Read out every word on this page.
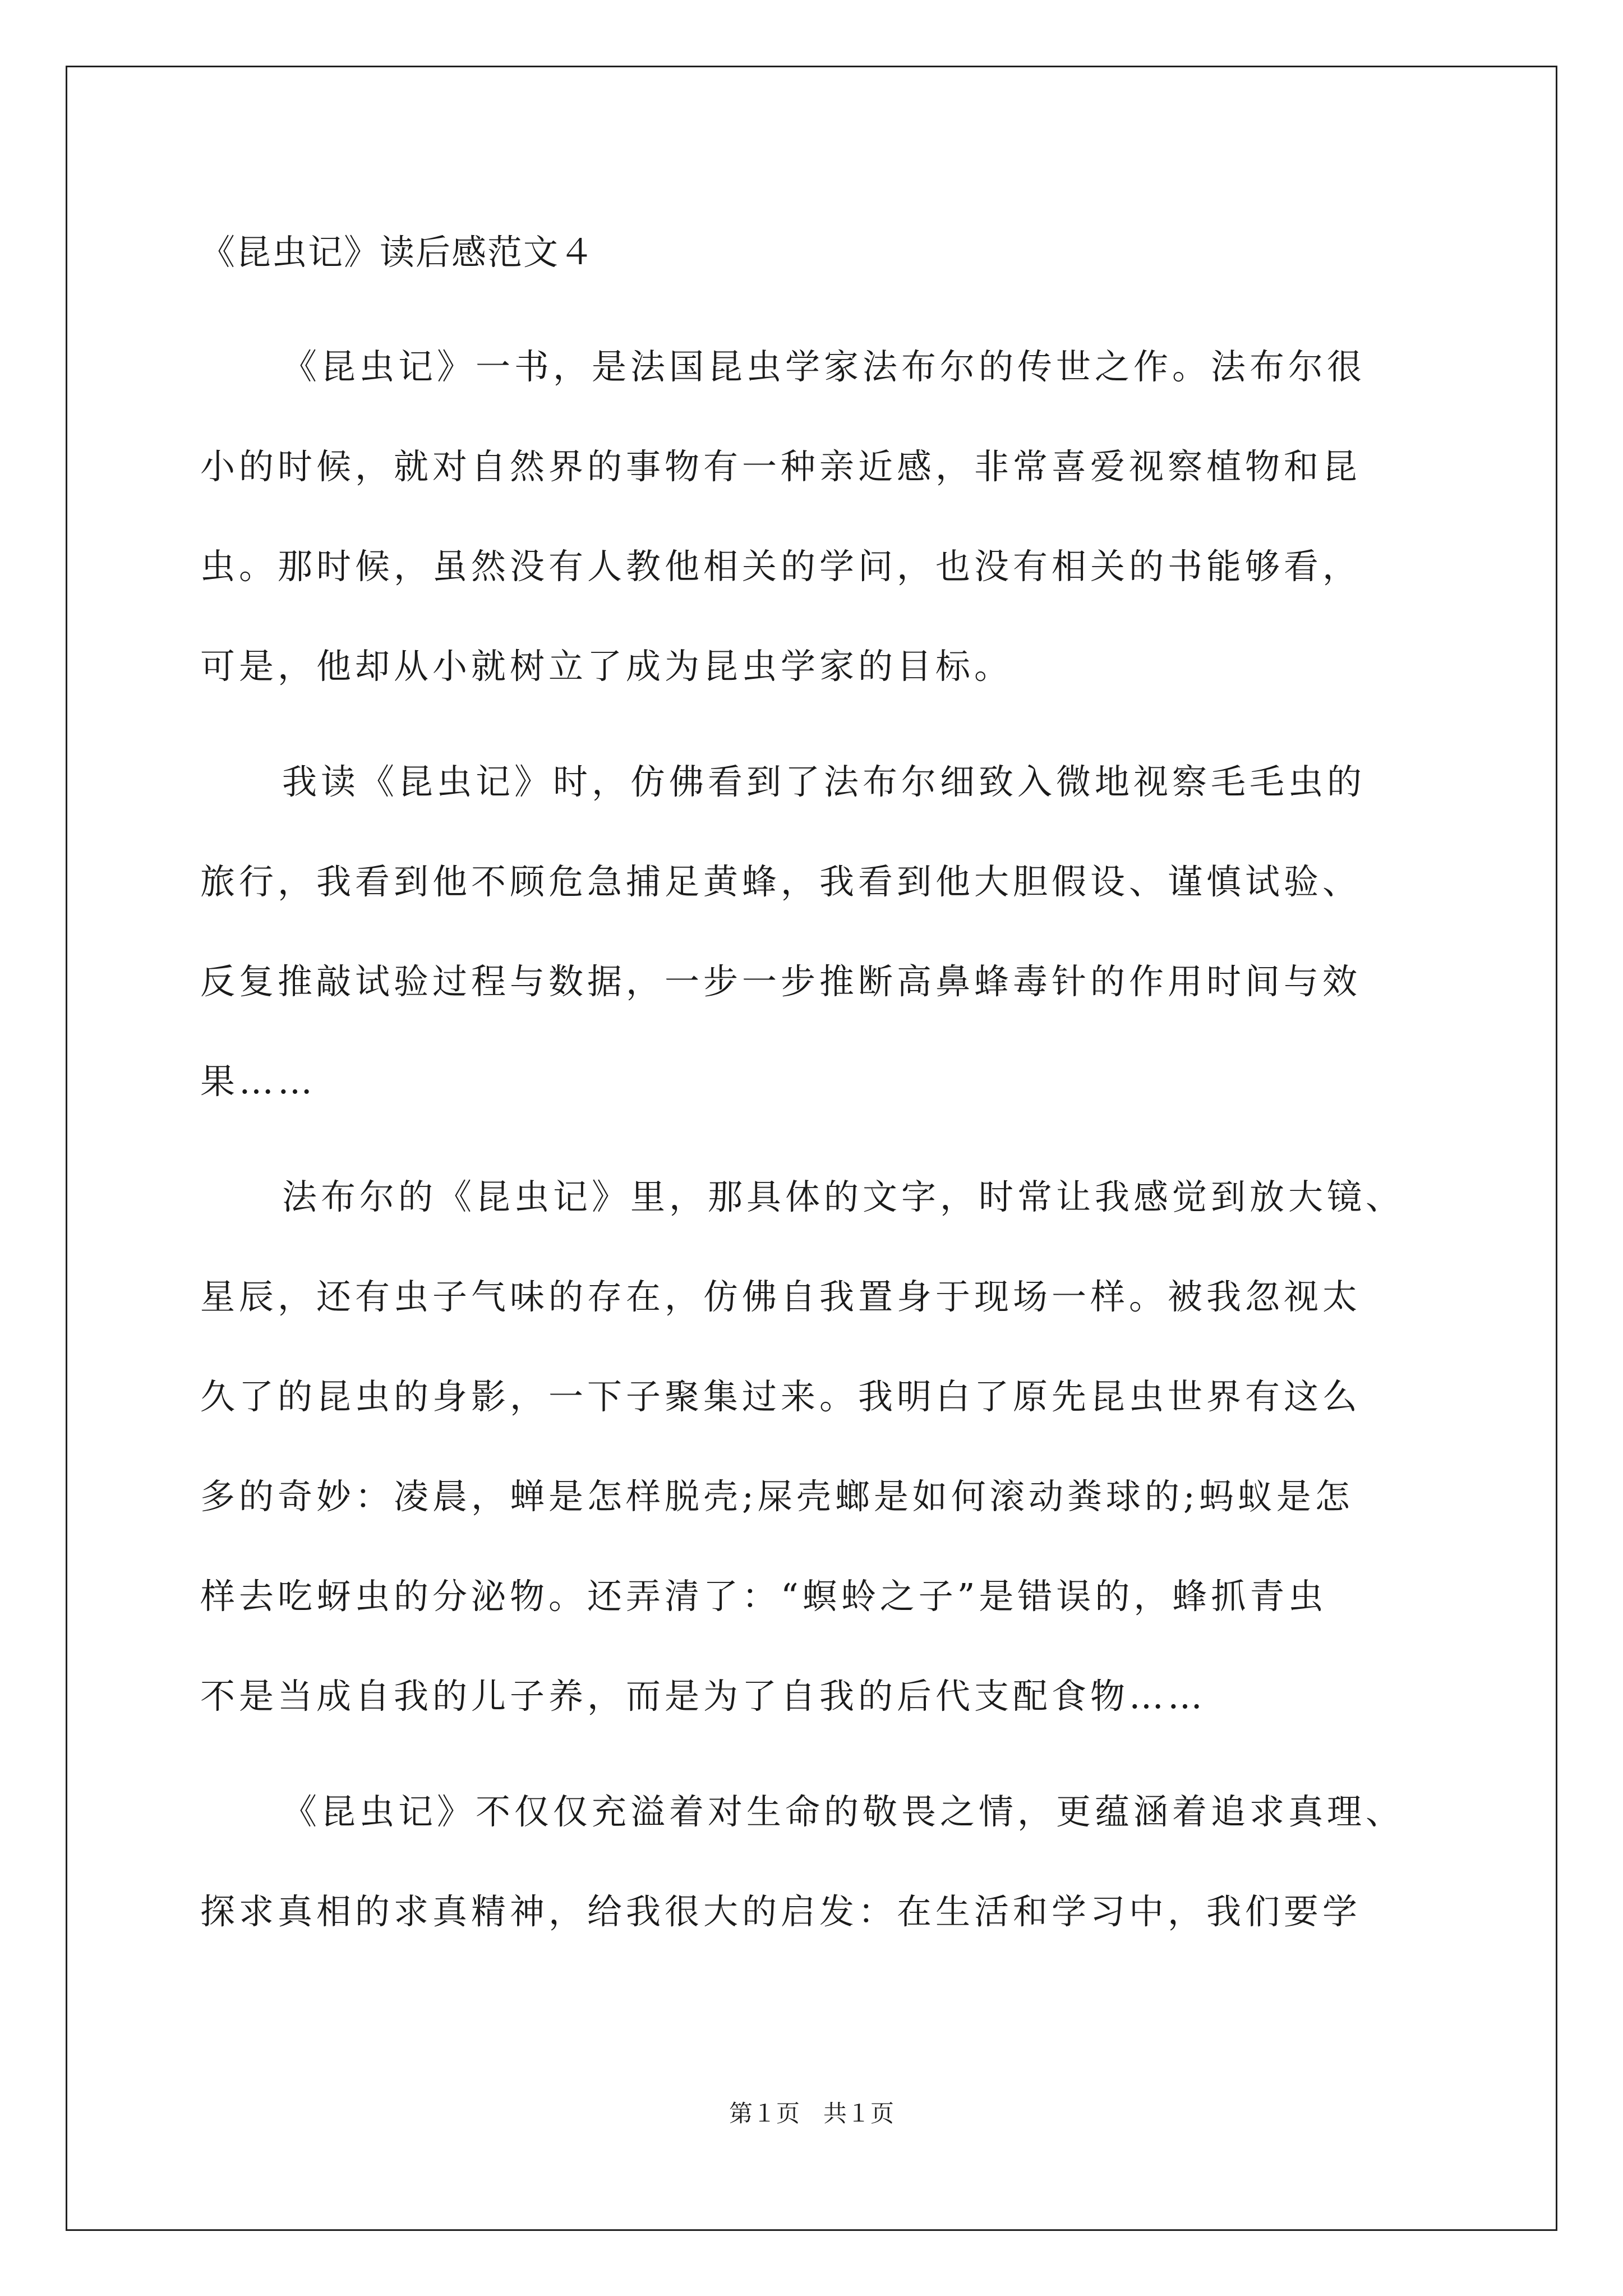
《昆虫记》读后感范文４

《昆虫记》一书，是法国昆虫学家法布尔的传世之作。法布尔很
小的时候，就对自然界的事物有一种亲近感，非常喜爱视察植物和昆
虫。那时候，虽然没有人教他相关的学问，也没有相关的书能够看，
可是，他却从小就树立了成为昆虫学家的目标。

我读《昆虫记》时，仿佛看到了法布尔细致入微地视察毛毛虫的
旅行，我看到他不顾危急捕足黄蜂，我看到他大胆假设、谨慎试验、
反复推敲试验过程与数据，一步一步推断高鼻蜂毒针的作用时间与效
果……

法布尔的《昆虫记》里，那具体的文字，时常让我感觉到放大镜、
星辰，还有虫子气味的存在，仿佛自我置身于现场一样。被我忽视太
久了的昆虫的身影，一下子聚集过来。我明白了原先昆虫世界有这么
多的奇妙：凌晨，蝉是怎样脱壳;屎壳螂是如何滚动粪球的;蚂蚁是怎
样去吃蚜虫的分泌物。还弄清了：“螟蛉之子”是错误的，蜂抓青虫
不是当成自我的儿子养，而是为了自我的后代支配食物……

《昆虫记》不仅仅充溢着对生命的敬畏之情，更蕴涵着追求真理、
探求真相的求真精神，给我很大的启发：在生活和学习中，我们要学

第１页　共１页
